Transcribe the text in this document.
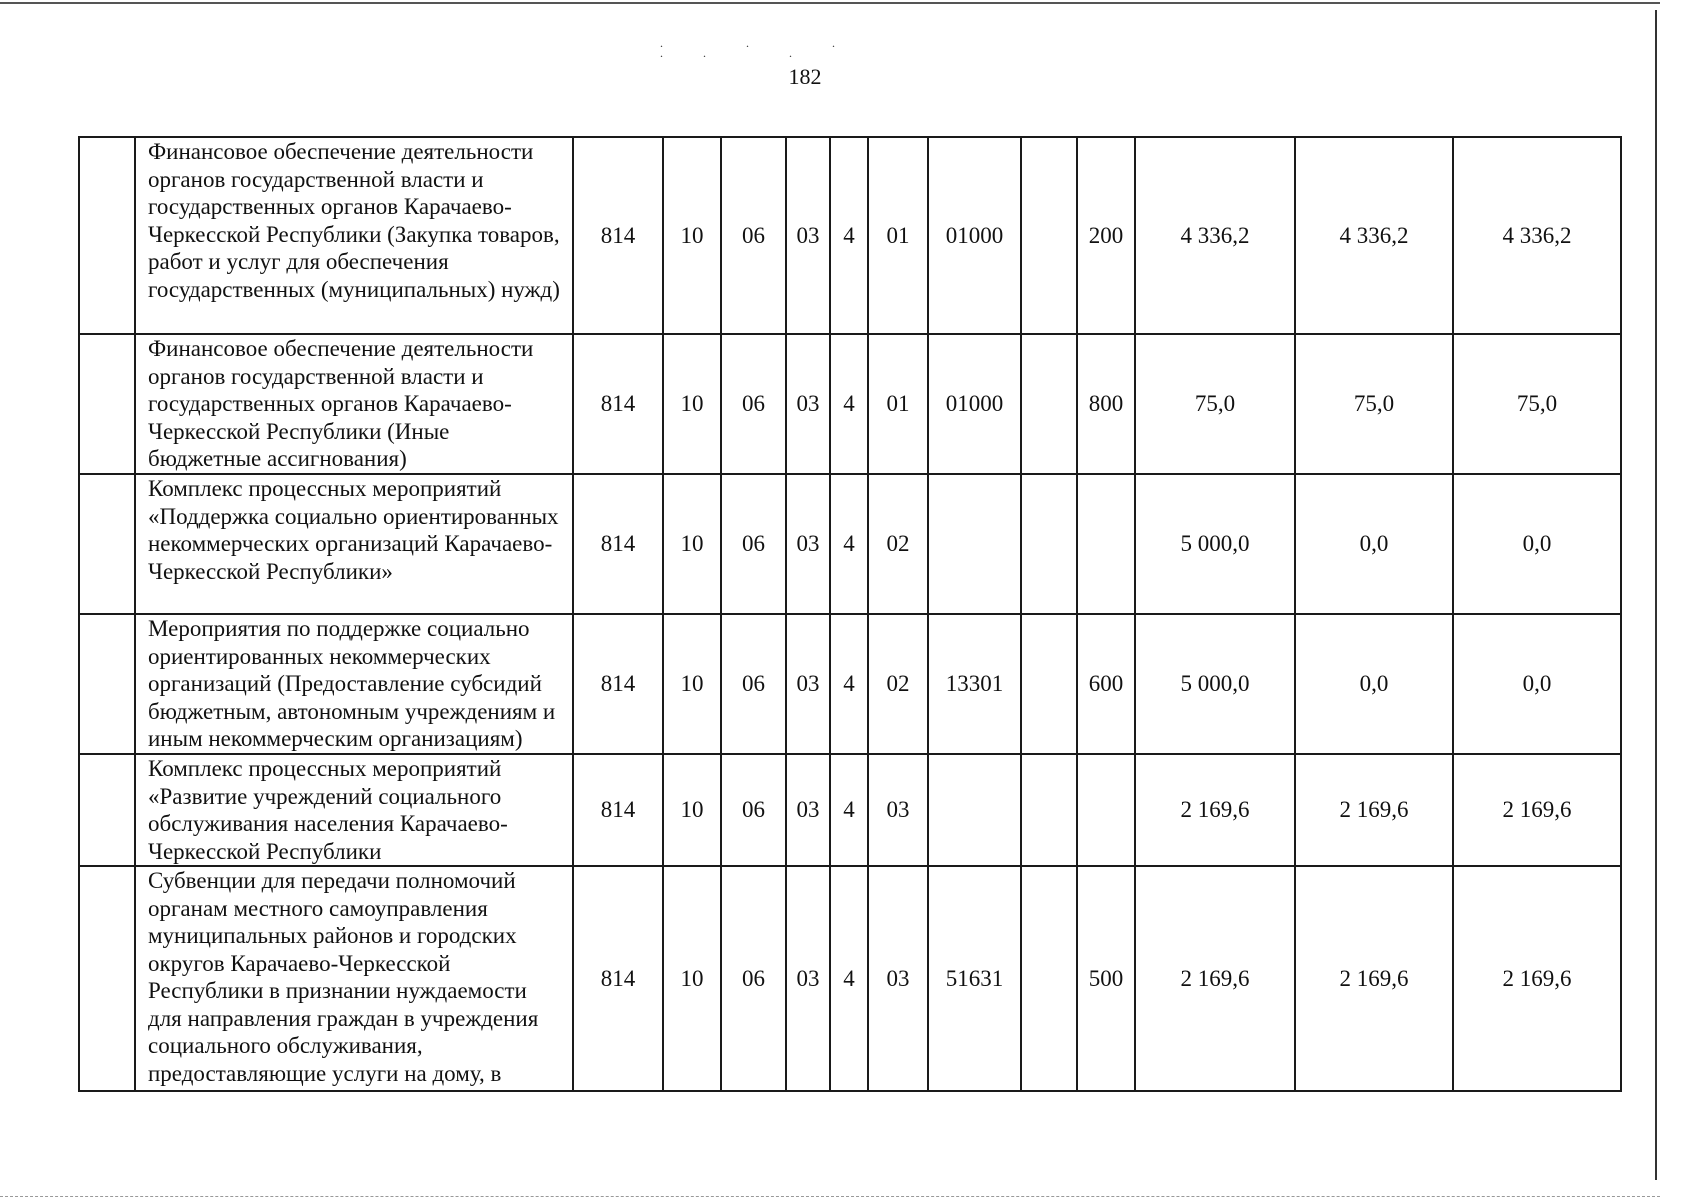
. . . .. .
182
	Финансовое обеспечение деятельности органов государственной власти и государственных органов Карачаево-Черкесской Республики (Закупка товаров, работ и услуг для обеспечения государственных (муниципальных) нужд)	814	10	06	03	4	01	01000		200	4 336,2	4 336,2	4 336,2
	Финансовое обеспечение деятельности органов государственной власти и государственных органов Карачаево-Черкесской Республики (Иные бюджетные ассигнования)	814	10	06	03	4	01	01000		800	75,0	75,0	75,0
	Комплекс процессных мероприятий «Поддержка социально ориентированных некоммерческих организаций Карачаево-Черкесской Республики»	814	10	06	03	4	02				5 000,0	0,0	0,0
	Мероприятия по поддержке социально ориентированных некоммерческих организаций (Предоставление субсидий бюджетным, автономным учреждениям и иным некоммерческим организациям)	814	10	06	03	4	02	13301		600	5 000,0	0,0	0,0
	Комплекс процессных мероприятий «Развитие учреждений социального обслуживания населения Карачаево-Черкесской Республики	814	10	06	03	4	03				2 169,6	2 169,6	2 169,6
	Субвенции для передачи полномочий органам местного самоуправления муниципальных районов и городских округов Карачаево-Черкесской Республики в признании нуждаемости для направления граждан в учреждения социального обслуживания, предоставляющие услуги на дому, в	814	10	06	03	4	03	51631		500	2 169,6	2 169,6	2 169,6
